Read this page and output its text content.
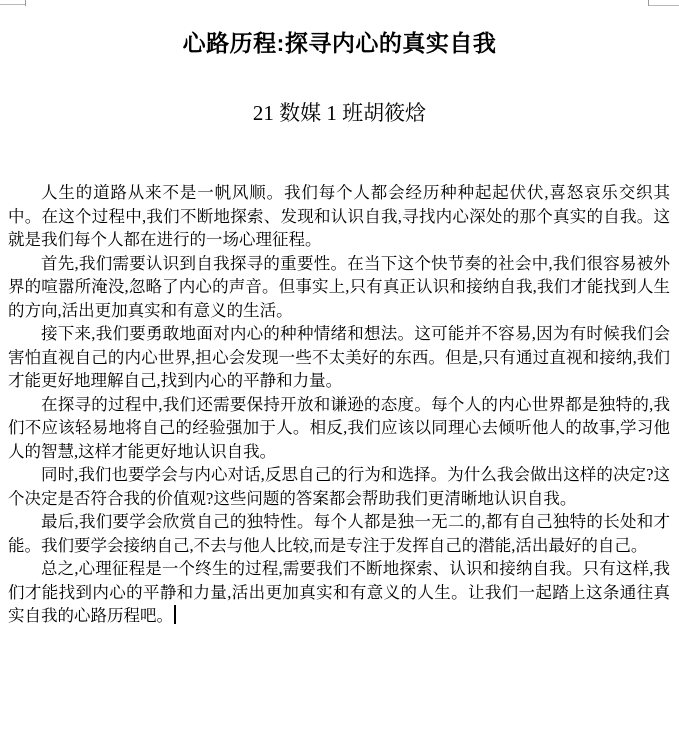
心路历程:探寻内心的真实自我
21 数媒 1 班胡筱焓

人生的道路从来不是一帆风顺。我们每个人都会经历种种起起伏伏,喜怒哀乐交织其中。在这个过程中,我们不断地探索、发现和认识自我,寻找内心深处的那个真实的自我。这就是我们每个人都在进行的一场心理征程。

首先,我们需要认识到自我探寻的重要性。在当下这个快节奏的社会中,我们很容易被外界的喧嚣所淹没,忽略了内心的声音。但事实上,只有真正认识和接纳自我,我们才能找到人生的方向,活出更加真实和有意义的生活。

接下来,我们要勇敢地面对内心的种种情绪和想法。这可能并不容易,因为有时候我们会害怕直视自己的内心世界,担心会发现一些不太美好的东西。但是,只有通过直视和接纳,我们才能更好地理解自己,找到内心的平静和力量。

在探寻的过程中,我们还需要保持开放和谦逊的态度。每个人的内心世界都是独特的,我们不应该轻易地将自己的经验强加于人。相反,我们应该以同理心去倾听他人的故事,学习他人的智慧,这样才能更好地认识自我。

同时,我们也要学会与内心对话,反思自己的行为和选择。为什么我会做出这样的决定?这个决定是否符合我的价值观?这些问题的答案都会帮助我们更清晰地认识自我。

最后,我们要学会欣赏自己的独特性。每个人都是独一无二的,都有自己独特的长处和才能。我们要学会接纳自己,不去与他人比较,而是专注于发挥自己的潜能,活出最好的自己。

总之,心理征程是一个终生的过程,需要我们不断地探索、认识和接纳自我。只有这样,我们才能找到内心的平静和力量,活出更加真实和有意义的人生。让我们一起踏上这条通往真实自我的心路历程吧。
